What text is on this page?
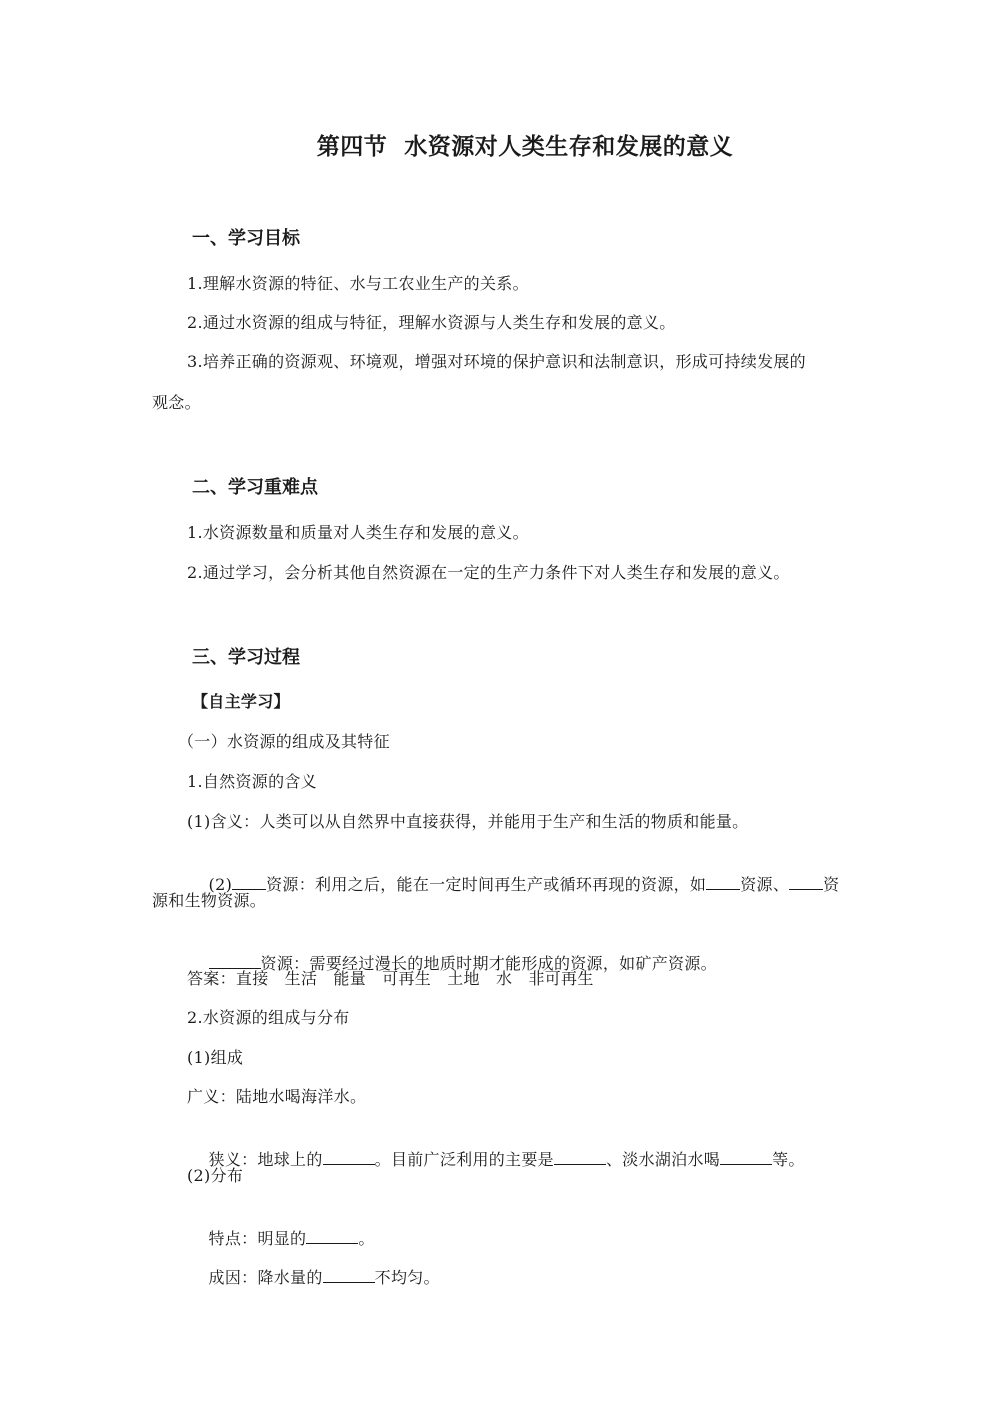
第四节  水资源对人类生存和发展的意义
一、学习目标
1.理解水资源的特征、水与工农业生产的关系。
2.通过水资源的组成与特征，理解水资源与人类生存和发展的意义。
3.培养正确的资源观、环境观，增强对环境的保护意识和法制意识，形成可持续发展的
观念。
二、学习重难点
1.水资源数量和质量对人类生存和发展的意义。
2.通过学习，会分析其他自然资源在一定的生产力条件下对人类生存和发展的意义。
三、学习过程
【自主学习】
（一）水资源的组成及其特征
1.自然资源的含义
(1)含义：人类可以从自然界中直接获得，并能用于生产和生活的物质和能量。

(2) 资源：利用之后，能在一定时间再生产或循环再现的资源，如 资源、 资

源和生物资源。

资源：需要经过漫长的地质时期才能形成的资源，如矿产资源。

答案：直接   生活   能量   可再生   土地   水   非可再生
2.水资源的组成与分布
(1)组成
广义：陆地水喝海洋水。

狭义：地球上的	。目前广泛利用的主要是	、淡水湖泊水喝	等。

(2)分布

特点：明显的	。

成因：降水量的	不均匀。
